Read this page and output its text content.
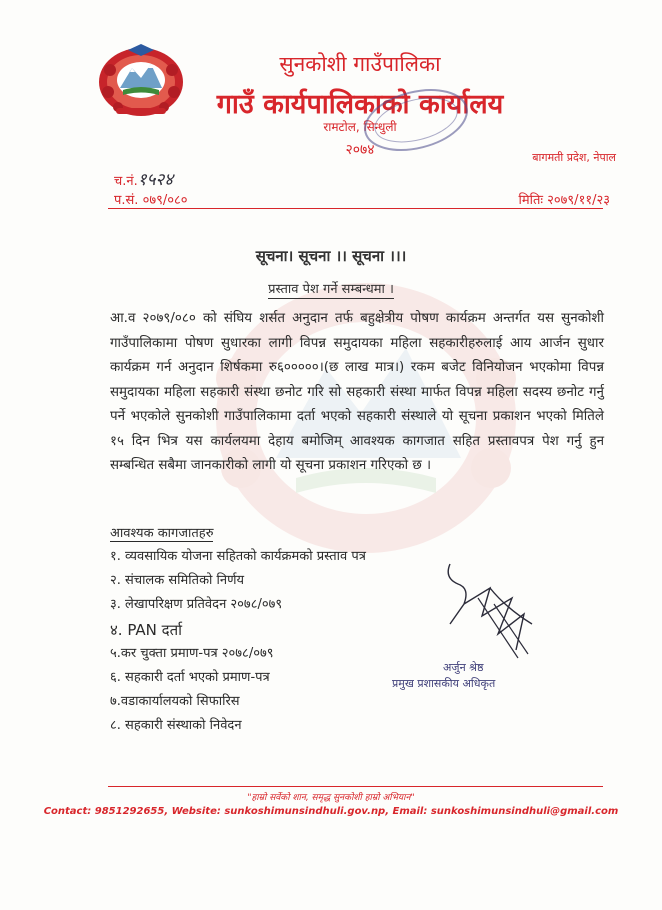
सुनकोशी गाउँपालिका
गाउँ कार्यपालिकाको कार्यालय
रामटोल, सिन्धुली
२०७४	बागमती प्रदेश, नेपाल
च.नं.१५२४
प.सं. ०७९/०८०	मितिः २०७९/११/२३
सूचना। सूचना ।। सूचना ।।।
प्रस्ताव पेश गर्ने सम्बन्धमा ।

आ.व २०७९/०८० को संघिय शर्सत अनुदान तर्फ बहुक्षेत्रीय पोषण कार्यक्रम अन्तर्गत यस सुनकोशी गाउँपालिकामा पोषण सुधारका लागी विपन्न समुदायका महिला सहकारीहरुलाई आय आर्जन सुधार कार्यक्रम गर्न अनुदान शिर्षकमा रु६०००००।(छ लाख मात्र।) रकम बजेट विनियोजन भएकोमा विपन्न समुदायका महिला सहकारी संस्था छनोट गरि सो सहकारी संस्था मार्फत विपन्न महिला सदस्य छनोट गर्नु पर्ने भएकोले सुनकोशी गाउँपालिकामा दर्ता भएको सहकारी संस्थाले यो सूचना प्रकाशन भएको मितिले १५ दिन भित्र यस कार्यलयमा देहाय बमोजिम् आवश्यक कागजात सहित प्रस्तावपत्र पेश गर्नु हुन सम्बन्धित सबैमा जानकारीको लागी यो सूचना प्रकाशन गरिएको छ ।

आवश्यक कागजातहरु
१. व्यवसायिक योजना सहितको कार्यक्रमको प्रस्ताव पत्र
२. संचालक समितिको निर्णय
३. लेखापरिक्षण प्रतिवेदन २०७८/०७९
४. PAN दर्ता
५.कर चुक्ता प्रमाण-पत्र २०७८/०७९
६. सहकारी दर्ता भएको प्रमाण-पत्र
७.वडाकार्यालयको सिफारिस
८. सहकारी संस्थाको निवेदन
अर्जुन श्रेष्ठ
प्रमुख प्रशासकीय अधिकृत
"हाम्रो सर्वेको शान, समृद्ध सुनकोशी हाम्रो अभियान"
Contact: 9851292655, Website: sunkoshimunsindhuli.gov.np, Email: sunkoshimunsindhuli@gmail.com
